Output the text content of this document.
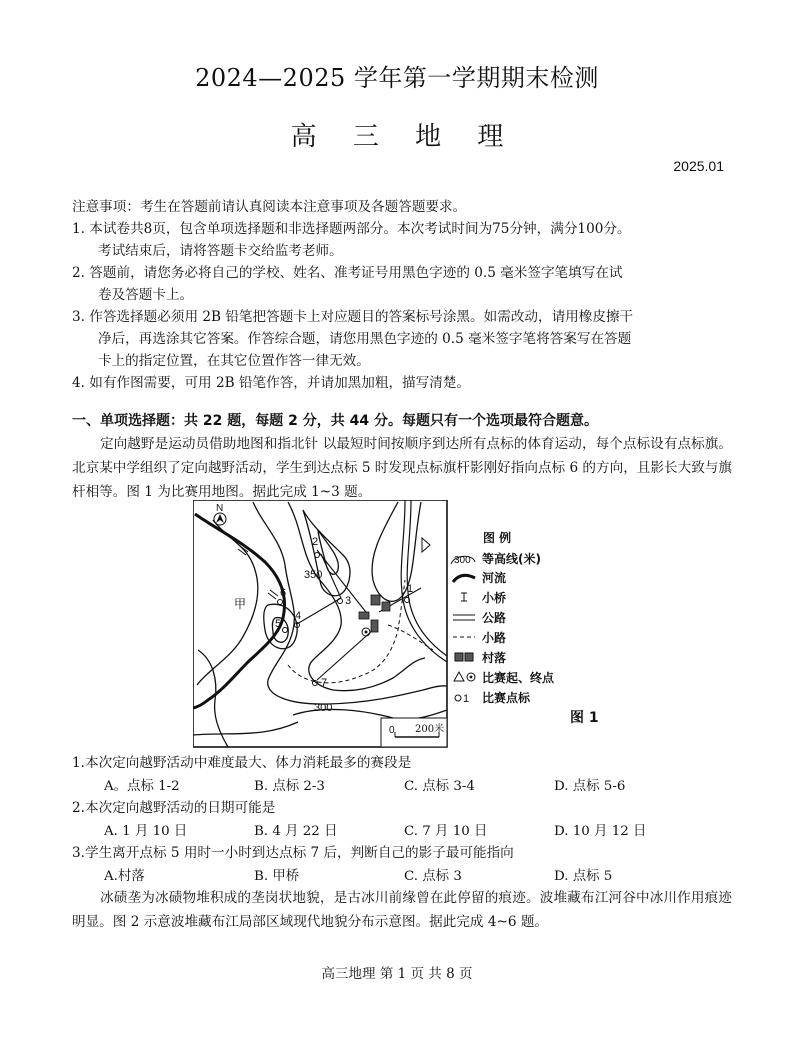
2024—2025 学年第一学期期末检测
高 三 地 理
2025.01
注意事项：考生在答题前请认真阅读本注意事项及各题答题要求。
1. 本试卷共8页，包含单项选择题和非选择题两部分。本次考试时间为75分钟，满分100分。
考试结束后，请将答题卡交给监考老师。
2. 答题前，请您务必将自己的学校、姓名、准考证号用黑色字迹的 0.5 毫米签字笔填写在试
卷及答题卡上。
3. 作答选择题必须用 2B 铅笔把答题卡上对应题目的答案标号涂黑。如需改动，请用橡皮擦干
净后，再选涂其它答案。作答综合题，请您用黑色字迹的 0.5 毫米签字笔将答案写在答题
卡上的指定位置，在其它位置作答一律无效。
4. 如有作图需要，可用 2B 铅笔作答，并请加黑加粗，描写清楚。
一、单项选择题：共 22 题，每题 2 分，共 44 分。每题只有一个选项最符合题意。
定向越野是运动员借助地图和指北针 以最短时间按顺序到达所有点标的体育运动，每个点标设有点标旗。北京某中学组织了定向越野活动，学生到达点标 5 时发现点标旗杆影刚好指向点标 6 的方向，且影长大致与旗杆相等。图 1 为比赛用地图。据此完成 1~3 题。
1
2
3
4
5
6
7
350
300
甲
N
0 200米
图 例
300 等高线(米)
河流
小桥
公路
小路
村落
比赛起、终点
1 比赛点标
图 1
1.本次定向越野活动中难度最大、体力消耗最多的赛段是
A。点标 1-2	B. 点标 2-3	C. 点标 3-4	D. 点标 5-6
2.本次定向越野活动的日期可能是
A. 1 月 10 日	B. 4 月 22 日	C. 7 月 10 日	D. 10 月 12 日
3.学生离开点标 5 用时一小时到达点标 7 后，判断自己的影子最可能指向
A.村落	B. 甲桥	C. 点标 3	D. 点标 5
冰碛垄为冰碛物堆积成的垄岗状地貌，是古冰川前缘曾在此停留的痕迹。波堆藏布江河谷中冰川作用痕迹明显。图 2 示意波堆藏布江局部区域现代地貌分布示意图。据此完成 4~6 题。
高三地理 第 1 页 共 8 页
